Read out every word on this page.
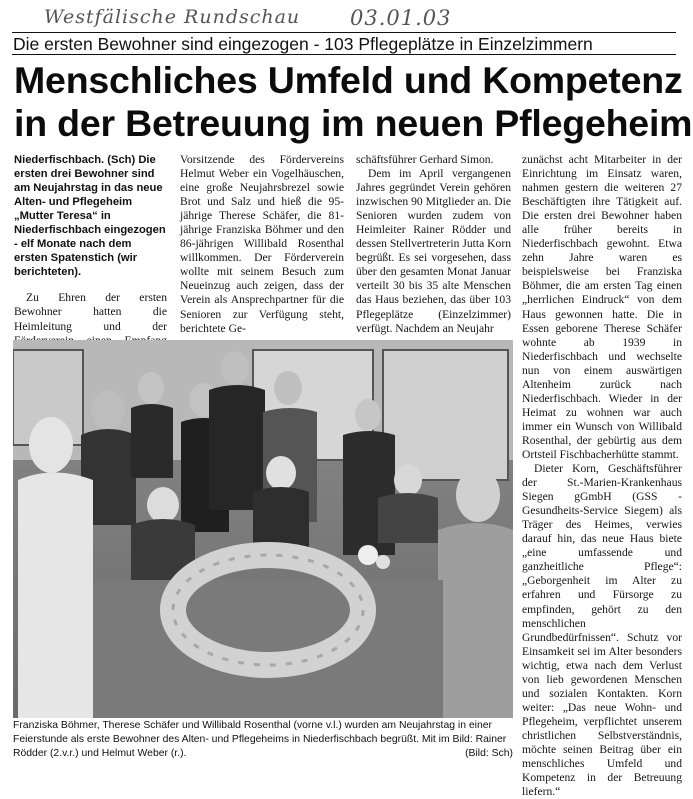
Westfälische Rundschau 03.01.03
Die ersten Bewohner sind eingezogen - 103 Pflegeplätze in Einzelzimmern
Menschliches Umfeld und Kompetenz
in der Betreuung im neuen Pflegeheim

Niederfischbach. (Sch) Die ersten drei Bewohner sind am Neujahrstag in das neue Alten- und Pflegeheim „Mutter Teresa“ in Niederfischbach eingezogen - elf Monate nach dem ersten Spatenstich (wir berichteten).

Zu Ehren der ersten Bewohner hatten die Heimleitung und der

Vorsitzende des Fördervereins Helmut Weber ein Vogelhäuschen, eine große Neujahrsbrezel sowie Brot und Salz und hieß die 95-jährige Therese Schäfer, die 81-jährige Franziska Böhmer und den 86-jährigen Willibald Rosenthal willkommen. Der Förderverein wollte mit seinem Besuch zum Neueinzug auch zeigen, dass der Verein als Ansprechpartner für die Senioren zur Verfügung steht, berichtete Ge-

schäftsführer Gerhard Simon.

Dem im April vergangenen Jahres gegründet Verein gehören inzwischen 90 Mitglieder an. Die Senioren wurden zudem von Heimleiter Rainer Rödder und dessen Stellvertreterin Jutta Korn begrüßt. Es sei vorgesehen, dass über den gesamten Monat Januar verteilt 30 bis 35 alte Menschen das Haus beziehen, das über 103 Pflegeplätze (Einzelzimmer) verfügt. Nachdem an Neujahr

zunächst acht Mitarbeiter in der Einrichtung im Einsatz waren, nahmen gestern die weiteren 27 Beschäftigten ihre Tätigkeit auf. Die ersten drei Bewohner haben alle früher bereits in Niederfischbach gewohnt. Etwa zehn Jahre waren es beispielsweise bei Franziska Böhmer, die am ersten Tag einen „herrlichen Eindruck“ von dem Haus gewonnen hatte. Die in Essen geborene Therese Schäfer wohnte ab 1939 in Niederfischbach und wechselte nun von einem auswärtigen Altenheim zurück nach Niederfischbach. Wieder in der Heimat zu wohnen war auch immer ein Wunsch von Willibald Rosenthal, der gebürtig aus dem Ortsteil Fischbacherhütte stammt.

Dieter Korn, Geschäftsführer der St.-Marien-Krankenhaus Siegen gGmbH (GSS -Gesundheits-Service Siegem) als Träger des Heimes, verwies darauf hin, das neue Haus biete „eine umfassende und ganzheitliche Pflege“: „Geborgenheit im Alter zu erfahren und Fürsorge zu empfinden, gehört zu den menschlichen Grundbedürfnissen“. Schutz vor Einsamkeit sei im Alter besonders wichtig, etwa nach dem Verlust von lieb gewordenen Menschen und sozialen Kontakten. Korn weiter: „Das neue Wohn- und Pflegeheim, verpflichtet unserem christlichen Selbstverständnis, möchte seinen Beitrag über ein menschliches Umfeld und Kompetenz in der Betreuung liefern.“

Franziska Böhmer, Therese Schäfer und Willibald Rosenthal (vorne v.l.) wurden am Neujahrstag in einer Feierstunde als erste Bewohner des Alten- und Pflegeheims in Niederfischbach begrüßt. Mit im Bild: Rainer Rödder (2.v.r.) und Helmut Weber (r.).	(Bild: Sch)
